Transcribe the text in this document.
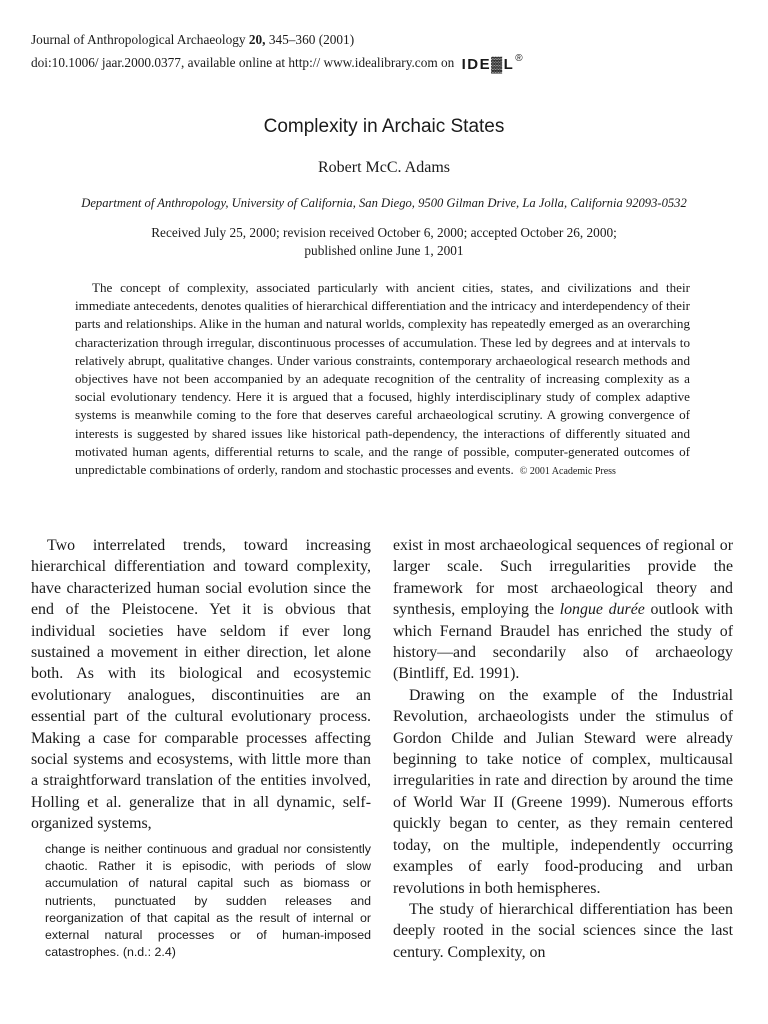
Journal of Anthropological Archaeology 20, 345–360 (2001)
doi:10.1006/ jaar.2000.0377, available online at http:// www.idealibrary.com on IDE▓L®
Complexity in Archaic States
Robert McC. Adams
Department of Anthropology, University of California, San Diego, 9500 Gilman Drive, La Jolla, California 92093-0532
Received July 25, 2000; revision received October 6, 2000; accepted October 26, 2000;
published online June 1, 2001
The concept of complexity, associated particularly with ancient cities, states, and civilizations and their immediate antecedents, denotes qualities of hierarchical differentiation and the intricacy and interdependency of their parts and relationships. Alike in the human and natural worlds, complexity has repeatedly emerged as an overarching characterization through irregular, discontinuous processes of accumulation. These led by degrees and at intervals to relatively abrupt, qualitative changes. Under various constraints, contemporary archaeological research methods and objectives have not been accompanied by an adequate recognition of the centrality of increasing complexity as a social evolutionary tendency. Here it is argued that a focused, highly interdisciplinary study of complex adaptive systems is meanwhile coming to the fore that deserves careful archaeological scrutiny. A growing convergence of interests is suggested by shared issues like historical path-dependency, the interactions of differently situated and motivated human agents, differential returns to scale, and the range of possible, computer-generated outcomes of unpredictable combinations of orderly, random and stochastic processes and events. © 2001 Academic Press

Two interrelated trends, toward increasing hierarchical differentiation and toward complexity, have characterized human social evolution since the end of the Pleistocene. Yet it is obvious that individual societies have seldom if ever long sustained a movement in either direction, let alone both. As with its biological and ecosystemic evolutionary analogues, discontinuities are an essential part of the cultural evolutionary process. Making a case for comparable processes affecting social systems and ecosystems, with little more than a straightforward translation of the entities involved, Holling et al. generalize that in all dynamic, self-organized systems,

change is neither continuous and gradual nor consistently chaotic. Rather it is episodic, with periods of slow accumulation of natural capital such as biomass or nutrients, punctuated by sudden releases and reorganization of that capital as the result of internal or external natural processes or of human-imposed catastrophes. (n.d.: 2.4)

exist in most archaeological sequences of regional or larger scale. Such irregularities provide the framework for most archaeological theory and synthesis, employing the longue durée outlook with which Fernand Braudel has enriched the study of history—and secondarily also of archaeology (Bintliff, Ed. 1991).

Drawing on the example of the Industrial Revolution, archaeologists under the stimulus of Gordon Childe and Julian Steward were already beginning to take notice of complex, multicausal irregularities in rate and direction by around the time of World War II (Greene 1999). Numerous efforts quickly began to center, as they remain centered today, on the multiple, independently occurring examples of early food-producing and urban revolutions in both hemispheres.

The study of hierarchical differentiation has been deeply rooted in the social sciences since the last century. Complexity, on
